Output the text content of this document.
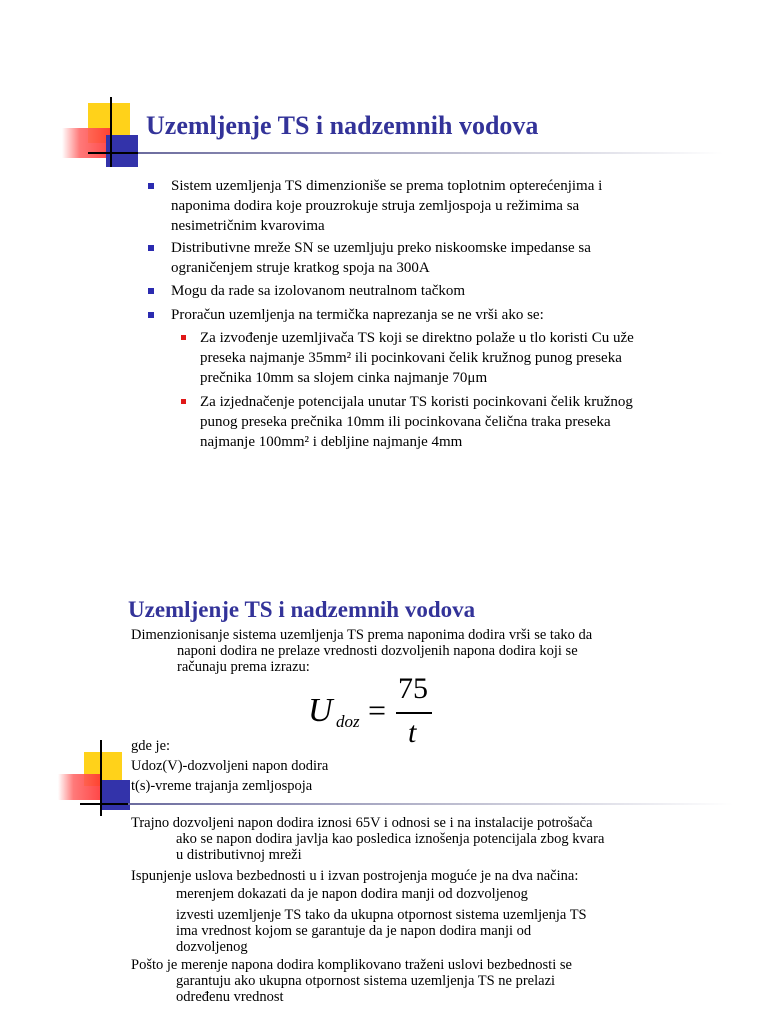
Uzemljenje TS i nadzemnih vodova
Sistem uzemljenja TS dimenzioniše se prema toplotnim opterećenjima i
naponima dodira koje prouzrokuje struja zemljospoja u režimima sa
nesimetričnim kvarovima
Distributivne mreže SN se uzemljuju preko niskoomske impedanse sa
ograničenjem struje kratkog spoja na 300A
Mogu da rade sa izolovanom neutralnom tačkom
Proračun uzemljenja na termička naprezanja se ne vrši ako se:
Za izvođenje uzemljivača TS koji se direktno polaže u tlo koristi Cu uže
preseka najmanje 35mm² ili pocinkovani čelik kružnog punog preseka
prečnika 10mm sa slojem cinka najmanje 70μm
Za izjednačenje potencijala unutar TS koristi pocinkovani čelik kružnog
punog preseka prečnika 10mm ili pocinkovana čelična traka preseka
najmanje 100mm² i debljine najmanje 4mm
Uzemljenje TS i nadzemnih vodova
Dimenzionisanje sistema uzemljenja TS prema naponima dodira vrši se tako da
naponi dodira ne prelaze vrednosti dozvoljenih napona dodira koji se
računaju prema izrazu:
U doz =
75
t
gde je:
Udoz(V)-dozvoljeni napon dodira
t(s)-vreme trajanja zemljospoja
Trajno dozvoljeni napon dodira iznosi 65V i odnosi se i na instalacije potrošača
ako se napon dodira javlja kao posledica iznošenja potencijala zbog kvara
u distributivnoj mreži
Ispunjenje uslova bezbednosti u i izvan postrojenja moguće je na dva načina:
merenjem dokazati da je napon dodira manji od dozvoljenog
izvesti uzemljenje TS tako da ukupna otpornost sistema uzemljenja TS
ima vrednost kojom se garantuje da je napon dodira manji od
dozvoljenog
Pošto je merenje napona dodira komplikovano traženi uslovi bezbednosti se
garantuju ako ukupna otpornost sistema uzemljenja TS ne prelazi
određenu vrednost
